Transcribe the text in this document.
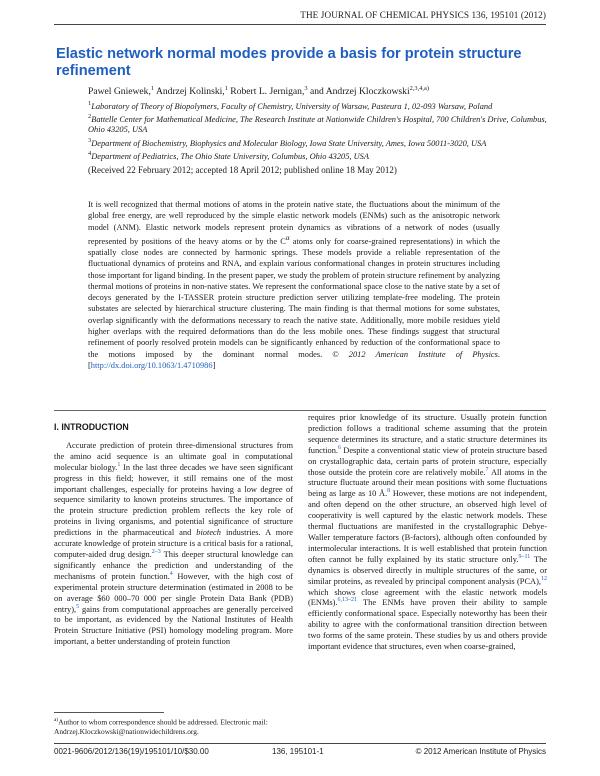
THE JOURNAL OF CHEMICAL PHYSICS 136, 195101 (2012)
Elastic network normal modes provide a basis for protein structure refinement
Pawel Gniewek,$^1$ Andrzej Kolinski,$^1$ Robert L. Jernigan,$^3$ and Andrzej Kloczkowski$^{2,3,4,a)}$
$^1$Laboratory of Theory of Biopolymers, Faculty of Chemistry, University of Warsaw, Pasteura 1, 02-093 Warsaw, Poland
$^2$Battelle Center for Mathematical Medicine, The Research Institute at Nationwide Children's Hospital, 700 Children's Drive, Columbus, Ohio 43205, USA
$^3$Department of Biochemistry, Biophysics and Molecular Biology, Iowa State University, Ames, Iowa 50011-3020, USA
$^4$Department of Pediatrics, The Ohio State University, Columbus, Ohio 43205, USA
(Received 22 February 2012; accepted 18 April 2012; published online 18 May 2012)

It is well recognized that thermal motions of atoms in the protein native state, the fluctuations about the minimum of the global free energy, are well reproduced by the simple elastic network models (ENMs) such as the anisotropic network model (ANM). Elastic network models represent protein dynamics as vibrations of a network of nodes (usually represented by positions of the heavy atoms or by the $C^\alpha$ atoms only for coarse-grained representations) in which the spatially close nodes are connected by harmonic springs. These models provide a reliable representation of the fluctuational dynamics of proteins and RNA, and explain various conformational changes in protein structures including those important for ligand binding. In the present paper, we study the problem of protein structure refinement by analyzing thermal motions of proteins in non-native states. We represent the conformational space close to the native state by a set of decoys generated by the I-TASSER protein structure prediction server utilizing template-free modeling. The protein substates are selected by hierarchical structure clustering. The main finding is that thermal motions for some substates, overlap significantly with the deformations necessary to reach the native state. Additionally, more mobile residues yield higher overlaps with the required deformations than do the less mobile ones. These findings suggest that structural refinement of poorly resolved protein models can be significantly enhanced by reduction of the conformational space to the motions imposed by the dominant normal modes. © 2012 American Institute of Physics. [http://dx.doi.org/10.1063/1.4710986]

I. INTRODUCTION

Accurate prediction of protein three-dimensional structures from the amino acid sequence is an ultimate goal in computational molecular biology.$^1$ In the last three decades we have seen significant progress in this field; however, it still remains one of the most important challenges, especially for proteins having a low degree of sequence similarity to known proteins structures. The importance of the protein structure prediction problem reflects the key role of proteins in living organisms, and potential significance of structure predictions in the pharmaceutical and biotech industries. A more accurate knowledge of protein structure is a critical basis for a rational, computer-aided drug design.$^{2-3}$ This deeper structural knowledge can significantly enhance the prediction and understanding of the mechanisms of protein function.$^4$ However, with the high cost of experimental protein structure determination (estimated in 2008 to be on average $60 000–70 000 per single Protein Data Bank (PDB) entry),$^5$ gains from computational approaches are generally perceived to be important, as evidenced by the National Institutes of Health Protein Structure Initiative (PSI) homology modeling program. More important, a better understanding of protein function

requires prior knowledge of its structure. Usually protein function prediction follows a traditional scheme assuming that the protein sequence determines its structure, and a static structure determines its function.$^6$ Despite a conventional static view of protein structure based on crystallographic data, certain parts of protein structure, especially those outside the protein core are relatively mobile.$^7$ All atoms in the structure fluctuate around their mean positions with some fluctuations being as large as 10 Å.$^8$ However, these motions are not independent, and often depend on the other structure, an observed high level of cooperativity is well captured by the elastic network models. These thermal fluctuations are manifested in the crystallographic Debye-Waller temperature factors (B-factors), although often confounded by intermolecular interactions. It is well established that protein function often cannot be fully explained by its static structure only.$^{9-11}$ The dynamics is observed directly in multiple structures of the same, or similar proteins, as revealed by principal component analysis (PCA),$^{12}$ which shows close agreement with the elastic network models (ENMs).$^{6,13-21}$ The ENMs have proven their ability to sample efficiently conformational space. Especially noteworthy has been their ability to agree with the conformational transition direction between two forms of the same protein. These studies by us and others provide important evidence that structures, even when coarse-grained,

$^{a)}$Author to whom correspondence should be addressed. Electronic mail: Andrzej.Kloczkowski@nationwidechildrens.org.
0021-9606/2012/136(19)/195101/10/$30.00	136, 195101-1	© 2012 American Institute of Physics
